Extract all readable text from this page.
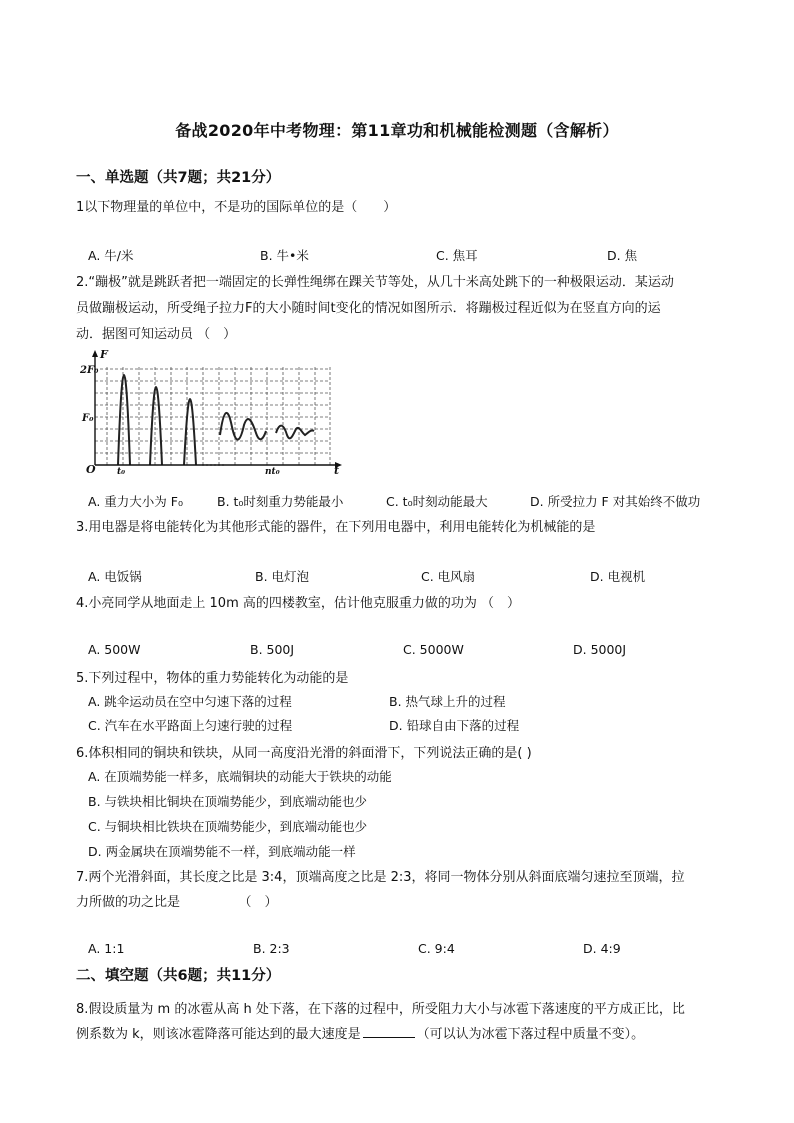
备战2020年中考物理：第11章功和机械能检测题（含解析）
一、单选题（共7题；共21分）
1以下物理量的单位中，不是功的国际单位的是（　　）
A. 牛/米	B. 牛•米	C. 焦耳	D. 焦
2.“蹦极”就是跳跃者把一端固定的长弹性绳绑在踝关节等处，从几十米高处跳下的一种极限运动．某运动
员做蹦极运动，所受绳子拉力F的大小随时间t变化的情况如图所示．将蹦极过程近似为在竖直方向的运
动．据图可知运动员 （　）
F
2F₀
F₀
O	t
t₀	nt₀
A. 重力大小为 F₀	B. t₀时刻重力势能最小	C. t₀时刻动能最大	D. 所受拉力 F 对其始终不做功
3.用电器是将电能转化为其他形式能的器件，在下列用电器中，利用电能转化为机械能的是
A. 电饭锅	B. 电灯泡	C. 电风扇	D. 电视机
4.小亮同学从地面走上 10m 高的四楼教室，估计他克服重力做的功为 （　）
A. 500W	B. 500J	C. 5000W	D. 5000J
5.下列过程中，物体的重力势能转化为动能的是
A. 跳伞运动员在空中匀速下落的过程	B. 热气球上升的过程
C. 汽车在水平路面上匀速行驶的过程	D. 铅球自由下落的过程
6.体积相同的铜块和铁块，从同一高度沿光滑的斜面滑下，下列说法正确的是( )
A. 在顶端势能一样多，底端铜块的动能大于铁块的动能
B. 与铁块相比铜块在顶端势能少，到底端动能也少
C. 与铜块相比铁块在顶端势能少，到底端动能也少
D. 两金属块在顶端势能不一样，到底端动能一样
7.两个光滑斜面，其长度之比是 3:4，顶端高度之比是 2:3，将同一物体分别从斜面底端匀速拉至顶端，拉
力所做的功之比是　　　　　（　）
A. 1:1	B. 2:3	C. 9:4	D. 4:9
二、填空题（共6题；共11分）
8.假设质量为 m 的冰雹从高 h 处下落，在下落的过程中，所受阻力大小与冰雹下落速度的平方成正比，比
例系数为 k，则该冰雹降落可能达到的最大速度是	（可以认为冰雹下落过程中质量不变）。
